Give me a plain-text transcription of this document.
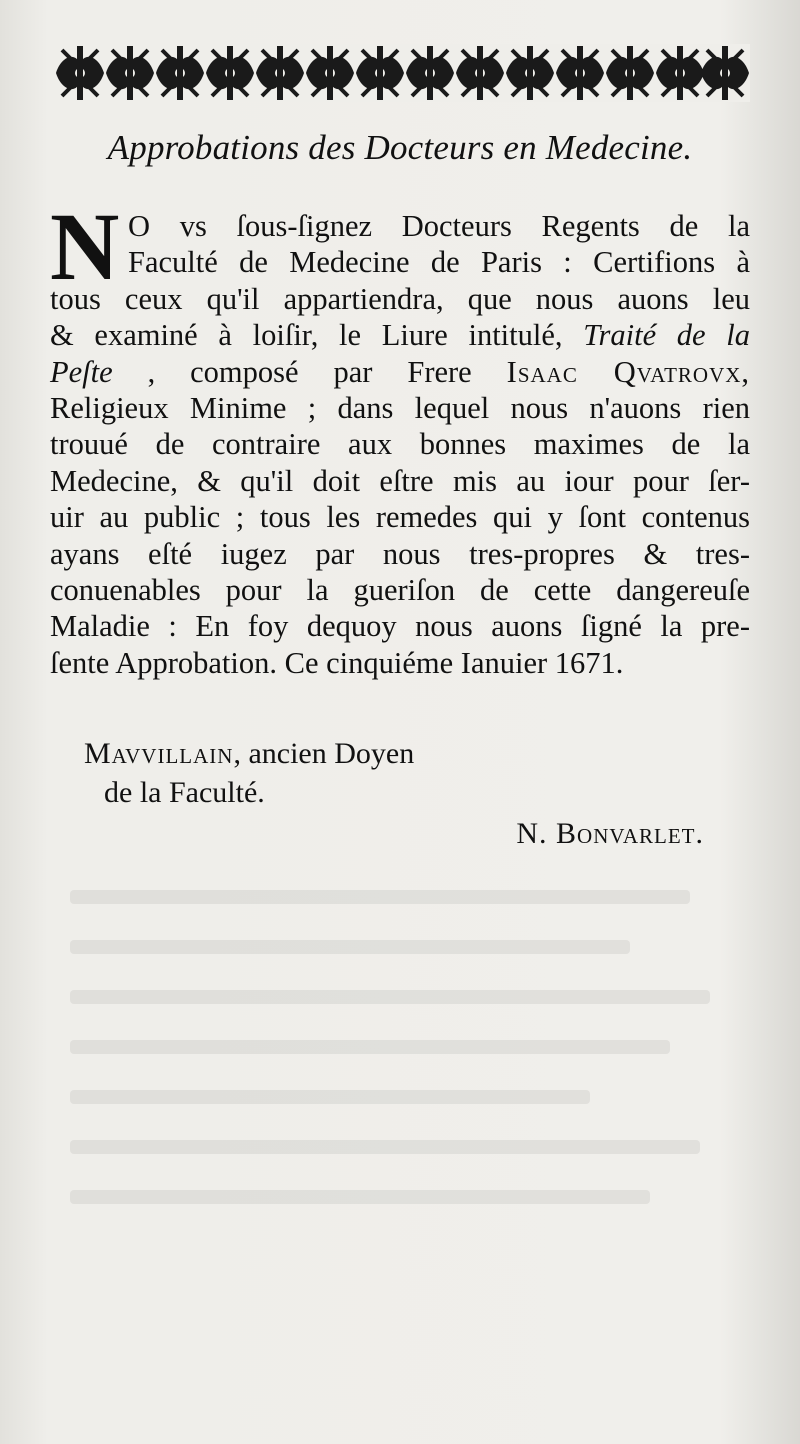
Approbations des Docteurs en Medecine.
N O vs ſous-ſignez Docteurs Regents de la
Faculté de Medecine de Paris : Certifions à
tous ceux qu'il appartiendra, que nous auons leu
& examiné à loiſir, le Liure intitulé, Traité de la
Peſte , composé par Frere Isaac Qvatrovx,
Religieux Minime ; dans lequel nous n'auons rien
trouué de contraire aux bonnes maximes de la
Medecine, & qu'il doit eſtre mis au iour pour ſer-
uir au public ; tous les remedes qui y ſont contenus
ayans eſté iugez par nous tres-propres & tres-
conuenables pour la gueriſon de cette dangereuſe
Maladie : En foy dequoy nous auons ſigné la pre-
ſente Approbation. Ce cinquiéme Ianuier 1671.
Mavvillain, ancien Doyen
de la Faculté.
N. Bonvarlet.
